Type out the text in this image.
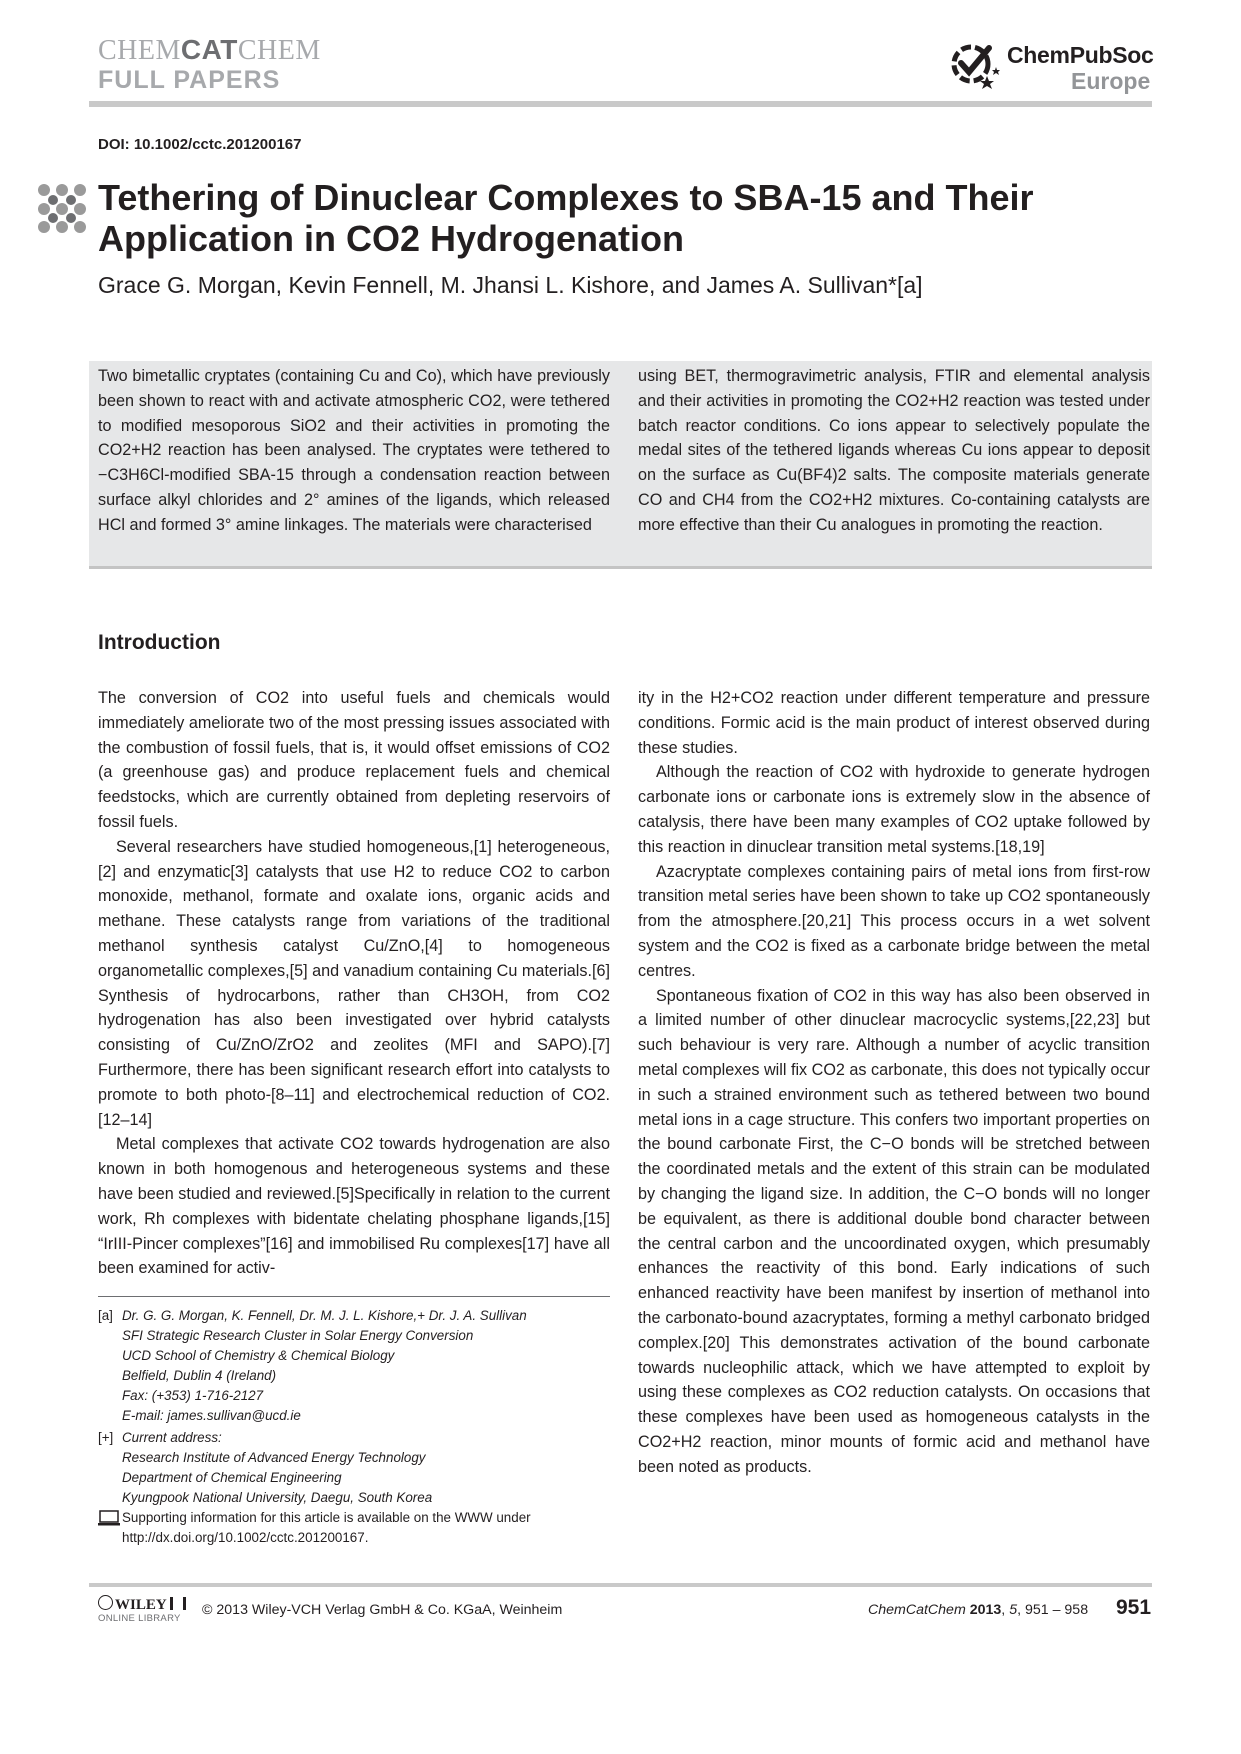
CHEMCATCHEM
FULL PAPERS
ChemPubSoc
Europe
DOI: 10.1002/cctc.201200167
Tethering of Dinuclear Complexes to SBA-15 and Their Application in CO2 Hydrogenation
Grace G. Morgan, Kevin Fennell, M. Jhansi L. Kishore, and James A. Sullivan*[a]
Two bimetallic cryptates (containing Cu and Co), which have previously been shown to react with and activate atmospheric CO2, were tethered to modified mesoporous SiO2 and their activities in promoting the CO2+H2 reaction has been analysed. The cryptates were tethered to −C3H6Cl-modified SBA-15 through a condensation reaction between surface alkyl chlorides and 2° amines of the ligands, which released HCl and formed 3° amine linkages. The materials were characterised
using BET, thermogravimetric analysis, FTIR and elemental analysis and their activities in promoting the CO2+H2 reaction was tested under batch reactor conditions. Co ions appear to selectively populate the medal sites of the tethered ligands whereas Cu ions appear to deposit on the surface as Cu(BF4)2 salts. The composite materials generate CO and CH4 from the CO2+H2 mixtures. Co-containing catalysts are more effective than their Cu analogues in promoting the reaction.
Introduction

The conversion of CO2 into useful fuels and chemicals would immediately ameliorate two of the most pressing issues associated with the combustion of fossil fuels, that is, it would offset emissions of CO2 (a greenhouse gas) and produce replacement fuels and chemical feedstocks, which are currently obtained from depleting reservoirs of fossil fuels.

Several researchers have studied homogeneous,[1] heterogeneous,[2] and enzymatic[3] catalysts that use H2 to reduce CO2 to carbon monoxide, methanol, formate and oxalate ions, organic acids and methane. These catalysts range from variations of the traditional methanol synthesis catalyst Cu/ZnO,[4] to homogeneous organometallic complexes,[5] and vanadium containing Cu materials.[6] Synthesis of hydrocarbons, rather than CH3OH, from CO2 hydrogenation has also been investigated over hybrid catalysts consisting of Cu/ZnO/ZrO2 and zeolites (MFI and SAPO).[7] Furthermore, there has been significant research effort into catalysts to promote to both photo-[8–11] and electrochemical reduction of CO2.[12–14]

Metal complexes that activate CO2 towards hydrogenation are also known in both homogenous and heterogeneous systems and these have been studied and reviewed.[5]Specifically in relation to the current work, Rh complexes with bidentate chelating phosphane ligands,[15] “IrIII-Pincer complexes”[16] and immobilised Ru complexes[17] have all been examined for activ-

ity in the H2+CO2 reaction under different temperature and pressure conditions. Formic acid is the main product of interest observed during these studies.

Although the reaction of CO2 with hydroxide to generate hydrogen carbonate ions or carbonate ions is extremely slow in the absence of catalysis, there have been many examples of CO2 uptake followed by this reaction in dinuclear transition metal systems.[18,19]

Azacryptate complexes containing pairs of metal ions from first-row transition metal series have been shown to take up CO2 spontaneously from the atmosphere.[20,21] This process occurs in a wet solvent system and the CO2 is fixed as a carbonate bridge between the metal centres.

Spontaneous fixation of CO2 in this way has also been observed in a limited number of other dinuclear macrocyclic systems,[22,23] but such behaviour is very rare. Although a number of acyclic transition metal complexes will fix CO2 as carbonate, this does not typically occur in such a strained environment such as tethered between two bound metal ions in a cage structure. This confers two important properties on the bound carbonate First, the C−O bonds will be stretched between the coordinated metals and the extent of this strain can be modulated by changing the ligand size. In addition, the C−O bonds will no longer be equivalent, as there is additional double bond character between the central carbon and the uncoordinated oxygen, which presumably enhances the reactivity of this bond. Early indications of such enhanced reactivity have been manifest by insertion of methanol into the carbonato-bound azacryptates, forming a methyl carbonato bridged complex.[20] This demonstrates activation of the bound carbonate towards nucleophilic attack, which we have attempted to exploit by using these complexes as CO2 reduction catalysts. On occasions that these complexes have been used as homogeneous catalysts in the CO2+H2 reaction, minor mounts of formic acid and methanol have been noted as products.

[a] Dr. G. G. Morgan, K. Fennell, Dr. M. J. L. Kishore,+ Dr. J. A. Sullivan
SFI Strategic Research Cluster in Solar Energy Conversion
UCD School of Chemistry & Chemical Biology
Belfield, Dublin 4 (Ireland)
Fax: (+353) 1-716-2127
E-mail: james.sullivan@ucd.ie
[+] Current address:
Research Institute of Advanced Energy Technology
Department of Chemical Engineering
Kyungpook National University, Daegu, South Korea
Supporting information for this article is available on the WWW under http://dx.doi.org/10.1002/cctc.201200167.
WILEY
ONLINE LIBRARY
© 2013 Wiley-VCH Verlag GmbH & Co. KGaA, Weinheim	ChemCatChem 2013, 5, 951 – 958 951
